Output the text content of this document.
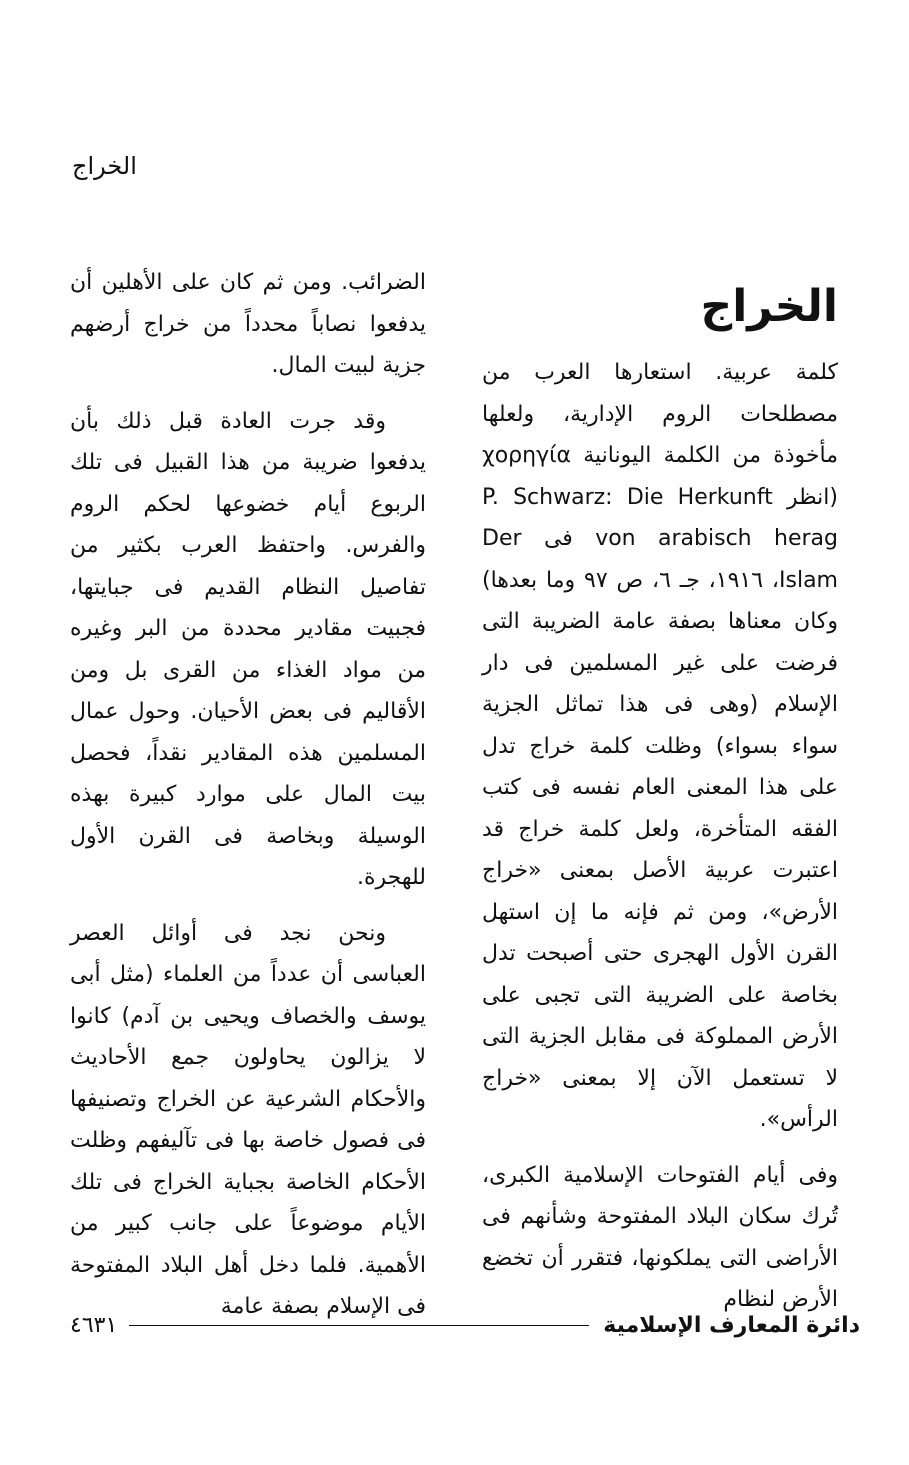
الخراج
الخراج

كلمة عربية. استعارها العرب من مصطلحات الروم الإدارية، ولعلها مأخوذة من الكلمة اليونانية χορηγία (انظر P. Schwarz: Die Herkunft von arabisch herag فى Der Islam، ١٩١٦، جـ ٦، ص ٩٧ وما بعدها) وكان معناها بصفة عامة الضريبة التى فرضت على غير المسلمين فى دار الإسلام (وهى فى هذا تماثل الجزية سواء بسواء) وظلت كلمة خراج تدل على هذا المعنى العام نفسه فى كتب الفقه المتأخرة، ولعل كلمة خراج قد اعتبرت عربية الأصل بمعنى «خراج الأرض»، ومن ثم فإنه ما إن استهل القرن الأول الهجرى حتى أصبحت تدل بخاصة على الضريبة التى تجبى على الأرض المملوكة فى مقابل الجزية التى لا تستعمل الآن إلا بمعنى «خراج الرأس».

وفى أيام الفتوحات الإسلامية الكبرى، تُرك سكان البلاد المفتوحة وشأنهم فى الأراضى التى يملكونها، فتقرر أن تخضع الأرض لنظام

الضرائب. ومن ثم كان على الأهلين أن يدفعوا نصاباً محدداً من خراج أرضهم جزية لبيت المال.

وقد جرت العادة قبل ذلك بأن يدفعوا ضريبة من هذا القبيل فى تلك الربوع أيام خضوعها لحكم الروم والفرس. واحتفظ العرب بكثير من تفاصيل النظام القديم فى جبايتها، فجبيت مقادير محددة من البر وغيره من مواد الغذاء من القرى بل ومن الأقاليم فى بعض الأحيان. وحول عمال المسلمين هذه المقادير نقداً، فحصل بيت المال على موارد كبيرة بهذه الوسيلة وبخاصة فى القرن الأول للهجرة.

ونحن نجد فى أوائل العصر العباسى أن عدداً من العلماء (مثل أبى يوسف والخصاف ويحيى بن آدم) كانوا لا يزالون يحاولون جمع الأحاديث والأحكام الشرعية عن الخراج وتصنيفها فى فصول خاصة بها فى تآليفهم وظلت الأحكام الخاصة بجباية الخراج فى تلك الأيام موضوعاً على جانب كبير من الأهمية. فلما دخل أهل البلاد المفتوحة فى الإسلام بصفة عامة

٤٦٣١	دائرة المعارف الإسلامية
